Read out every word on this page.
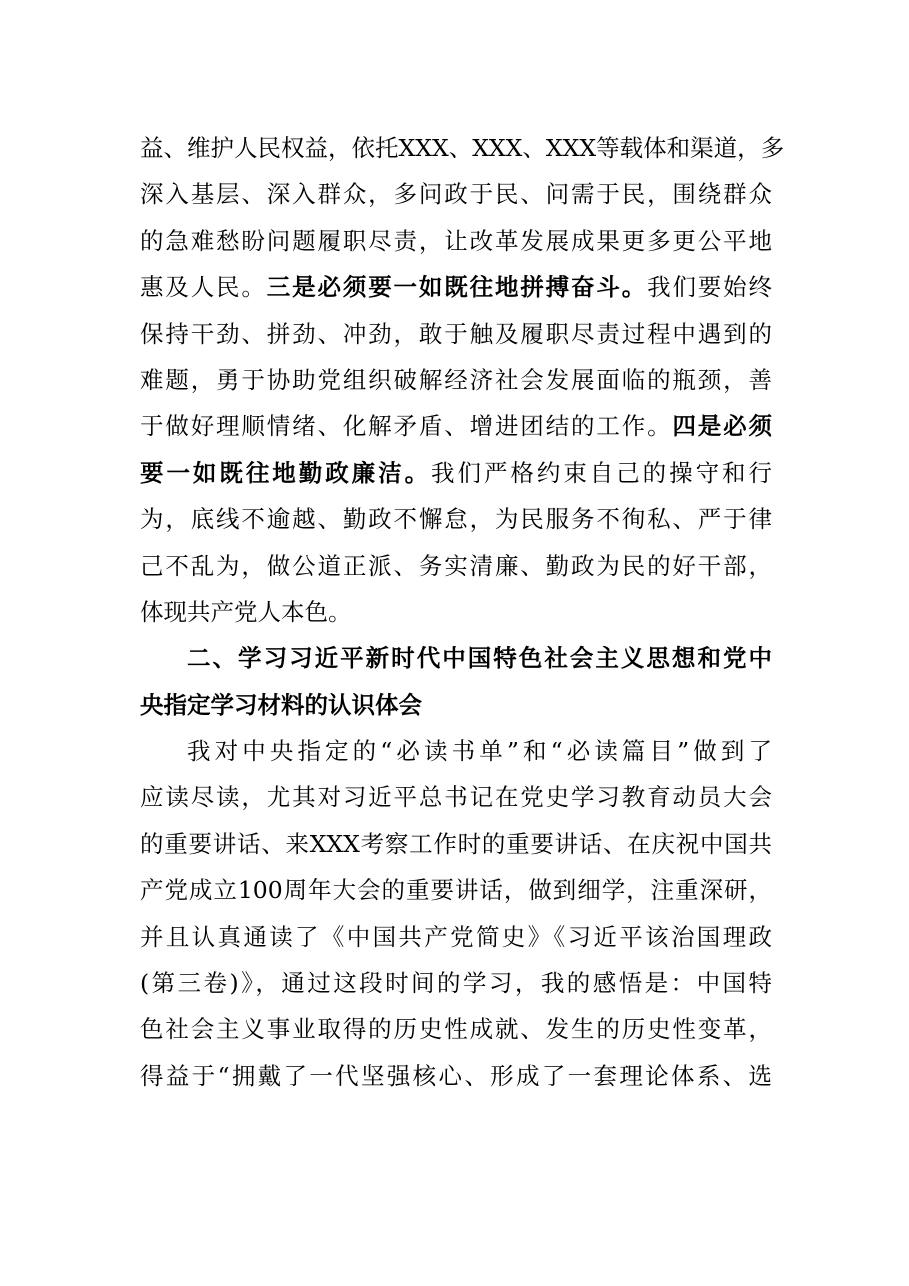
益、维护人民权益，依托XXX、XXX、XXX等载体和渠道，多
深入基层、深入群众，多问政于民、问需于民，围绕群众
的急难愁盼问题履职尽责，让改革发展成果更多更公平地
惠及人民。三是必须要一如既往地拼搏奋斗。我们要始终
保持干劲、拼劲、冲劲，敢于触及履职尽责过程中遇到的
难题，勇于协助党组织破解经济社会发展面临的瓶颈，善
于做好理顺情绪、化解矛盾、增进团结的工作。四是必须
要一如既往地勤政廉洁。我们严格约束自己的操守和行
为，底线不逾越、勤政不懈怠，为民服务不徇私、严于律
己不乱为，做公道正派、务实清廉、勤政为民的好干部，
体现共产党人本色。
二、学习习近平新时代中国特色社会主义思想和党中
央指定学习材料的认识体会
我对中央指定的“必读书单”和“必读篇目”做到了
应读尽读，尤其对习近平总书记在党史学习教育动员大会
的重要讲话、来XXX考察工作时的重要讲话、在庆祝中国共
产党成立100周年大会的重要讲话，做到细学，注重深研，
并且认真通读了《中国共产党简史》《习近平该治国理政
(第三卷)》，通过这段时间的学习，我的感悟是：中国特
色社会主义事业取得的历史性成就、发生的历史性变革，
得益于“拥戴了一代坚强核心、形成了一套理论体系、选
